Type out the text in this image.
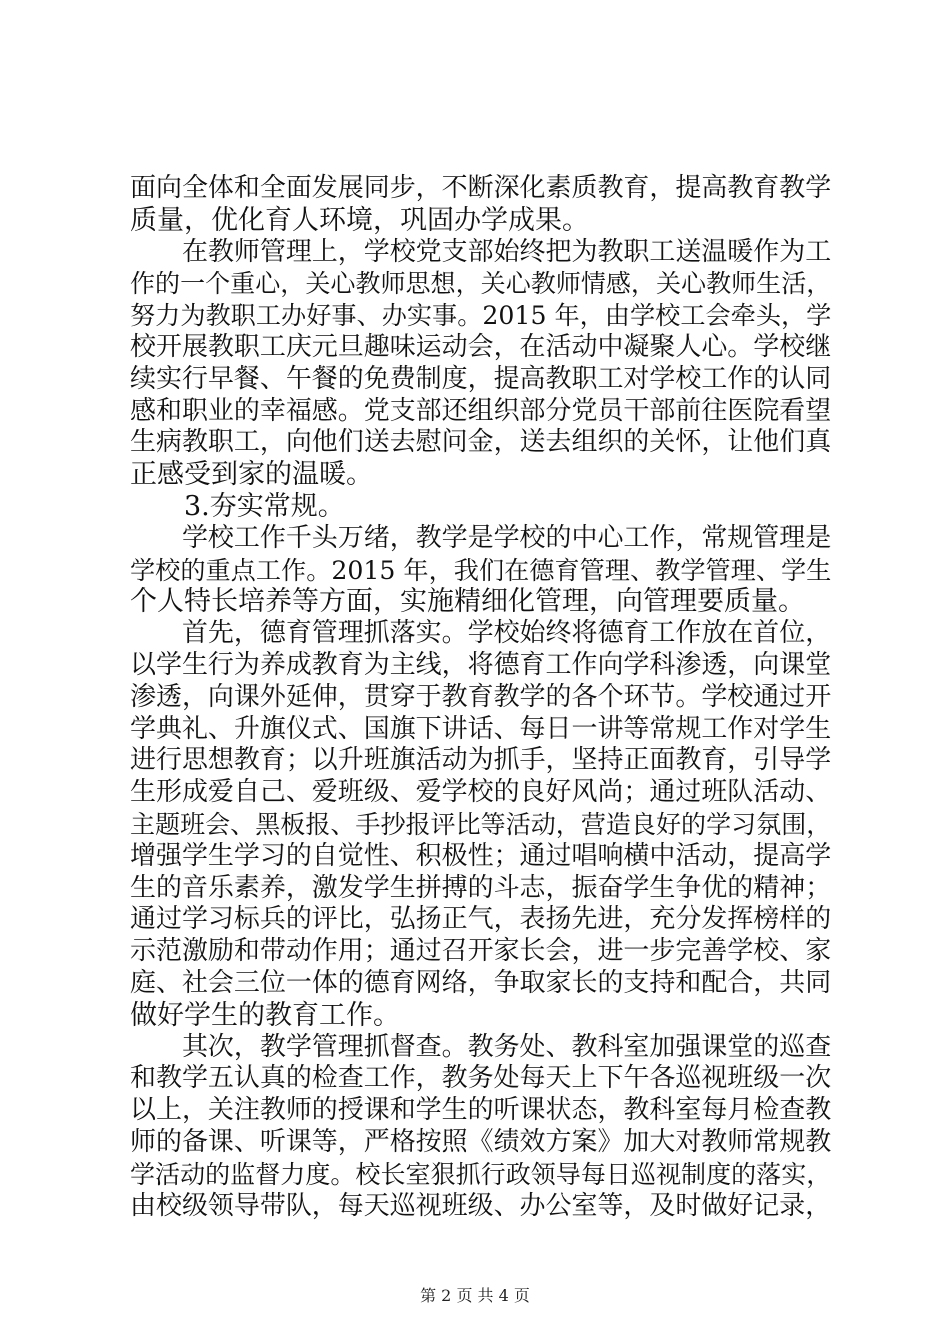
面向全体和全面发展同步，不断深化素质教育，提高教育教学
质量，优化育人环境，巩固办学成果。
　　在教师管理上，学校党支部始终把为教职工送温暖作为工
作的一个重心，关心教师思想，关心教师情感，关心教师生活，
努力为教职工办好事、办实事。2015 年，由学校工会牵头，学
校开展教职工庆元旦趣味运动会，在活动中凝聚人心。学校继
续实行早餐、午餐的免费制度，提高教职工对学校工作的认同
感和职业的幸福感。党支部还组织部分党员干部前往医院看望
生病教职工，向他们送去慰问金，送去组织的关怀，让他们真
正感受到家的温暖。
　　3.夯实常规。
　　学校工作千头万绪，教学是学校的中心工作，常规管理是
学校的重点工作。2015 年，我们在德育管理、教学管理、学生
个人特长培养等方面，实施精细化管理，向管理要质量。
　　首先，德育管理抓落实。学校始终将德育工作放在首位，
以学生行为养成教育为主线，将德育工作向学科渗透，向课堂
渗透，向课外延伸，贯穿于教育教学的各个环节。学校通过开
学典礼、升旗仪式、国旗下讲话、每日一讲等常规工作对学生
进行思想教育；以升班旗活动为抓手，坚持正面教育，引导学
生形成爱自己、爱班级、爱学校的良好风尚；通过班队活动、
主题班会、黑板报、手抄报评比等活动，营造良好的学习氛围，
增强学生学习的自觉性、积极性；通过唱响横中活动，提高学
生的音乐素养，激发学生拼搏的斗志，振奋学生争优的精神；
通过学习标兵的评比，弘扬正气，表扬先进，充分发挥榜样的
示范激励和带动作用；通过召开家长会，进一步完善学校、家
庭、社会三位一体的德育网络，争取家长的支持和配合，共同
做好学生的教育工作。
　　其次，教学管理抓督查。教务处、教科室加强课堂的巡查
和教学五认真的检查工作，教务处每天上下午各巡视班级一次
以上，关注教师的授课和学生的听课状态，教科室每月检查教
师的备课、听课等，严格按照《绩效方案》加大对教师常规教
学活动的监督力度。校长室狠抓行政领导每日巡视制度的落实，
由校级领导带队，每天巡视班级、办公室等，及时做好记录，
第 2 页 共 4 页
